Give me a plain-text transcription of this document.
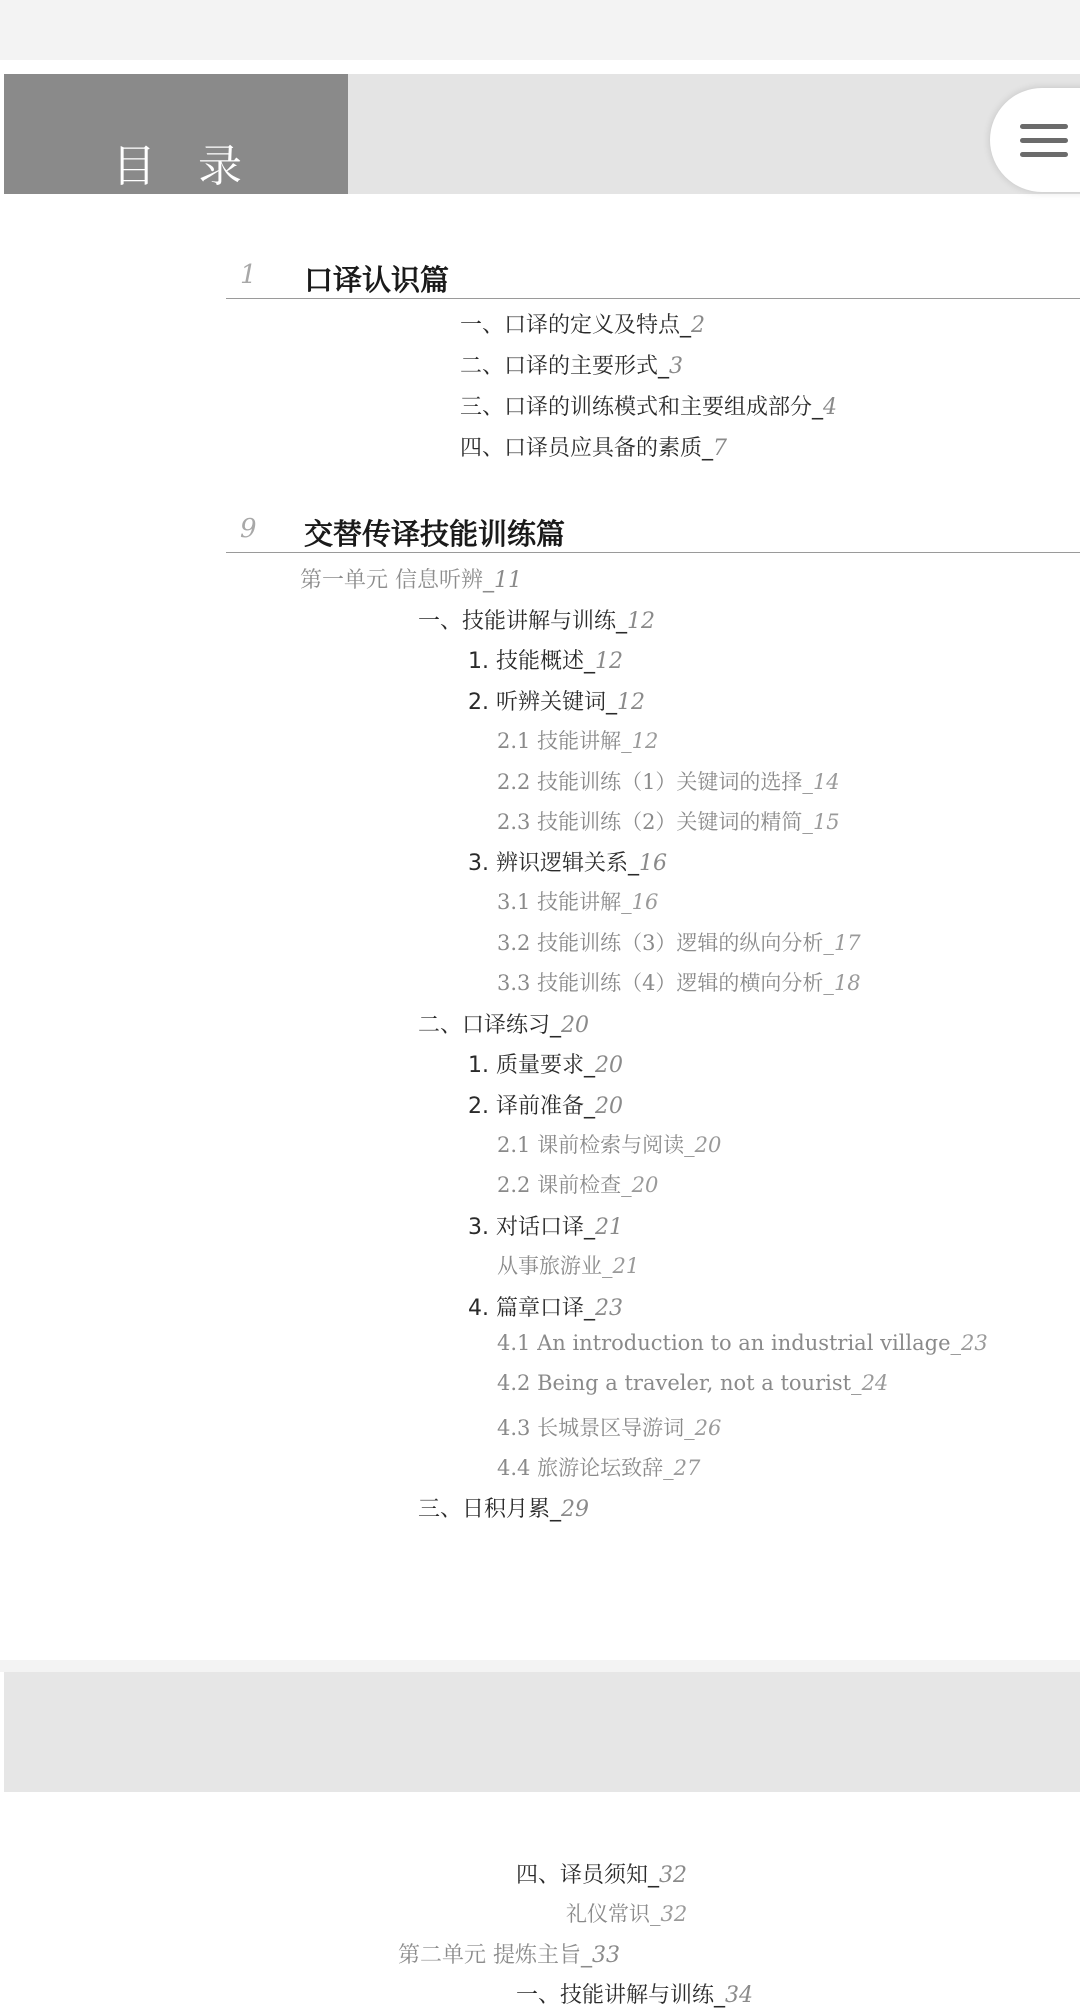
目 录
1 口译认识篇
一、口译的定义及特点_2
二、口译的主要形式_3
三、口译的训练模式和主要组成部分_4
四、口译员应具备的素质_7
9 交替传译技能训练篇
第一单元 信息听辨_11
一、技能讲解与训练_12
1. 技能概述_12
2. 听辨关键词_12
2.1 技能讲解_12
2.2 技能训练（1）关键词的选择_14
2.3 技能训练（2）关键词的精简_15
3. 辨识逻辑关系_16
3.1 技能讲解_16
3.2 技能训练（3）逻辑的纵向分析_17
3.3 技能训练（4）逻辑的横向分析_18
二、口译练习_20
1. 质量要求_20
2. 译前准备_20
2.1 课前检索与阅读_20
2.2 课前检查_20
3. 对话口译_21
从事旅游业_21
4. 篇章口译_23
4.1 An introduction to an industrial village_23
4.2 Being a traveler, not a tourist_24
4.3 长城景区导游词_26
4.4 旅游论坛致辞_27
三、日积月累_29
四、译员须知_32
礼仪常识_32
第二单元 提炼主旨_33
一、技能讲解与训练_34
